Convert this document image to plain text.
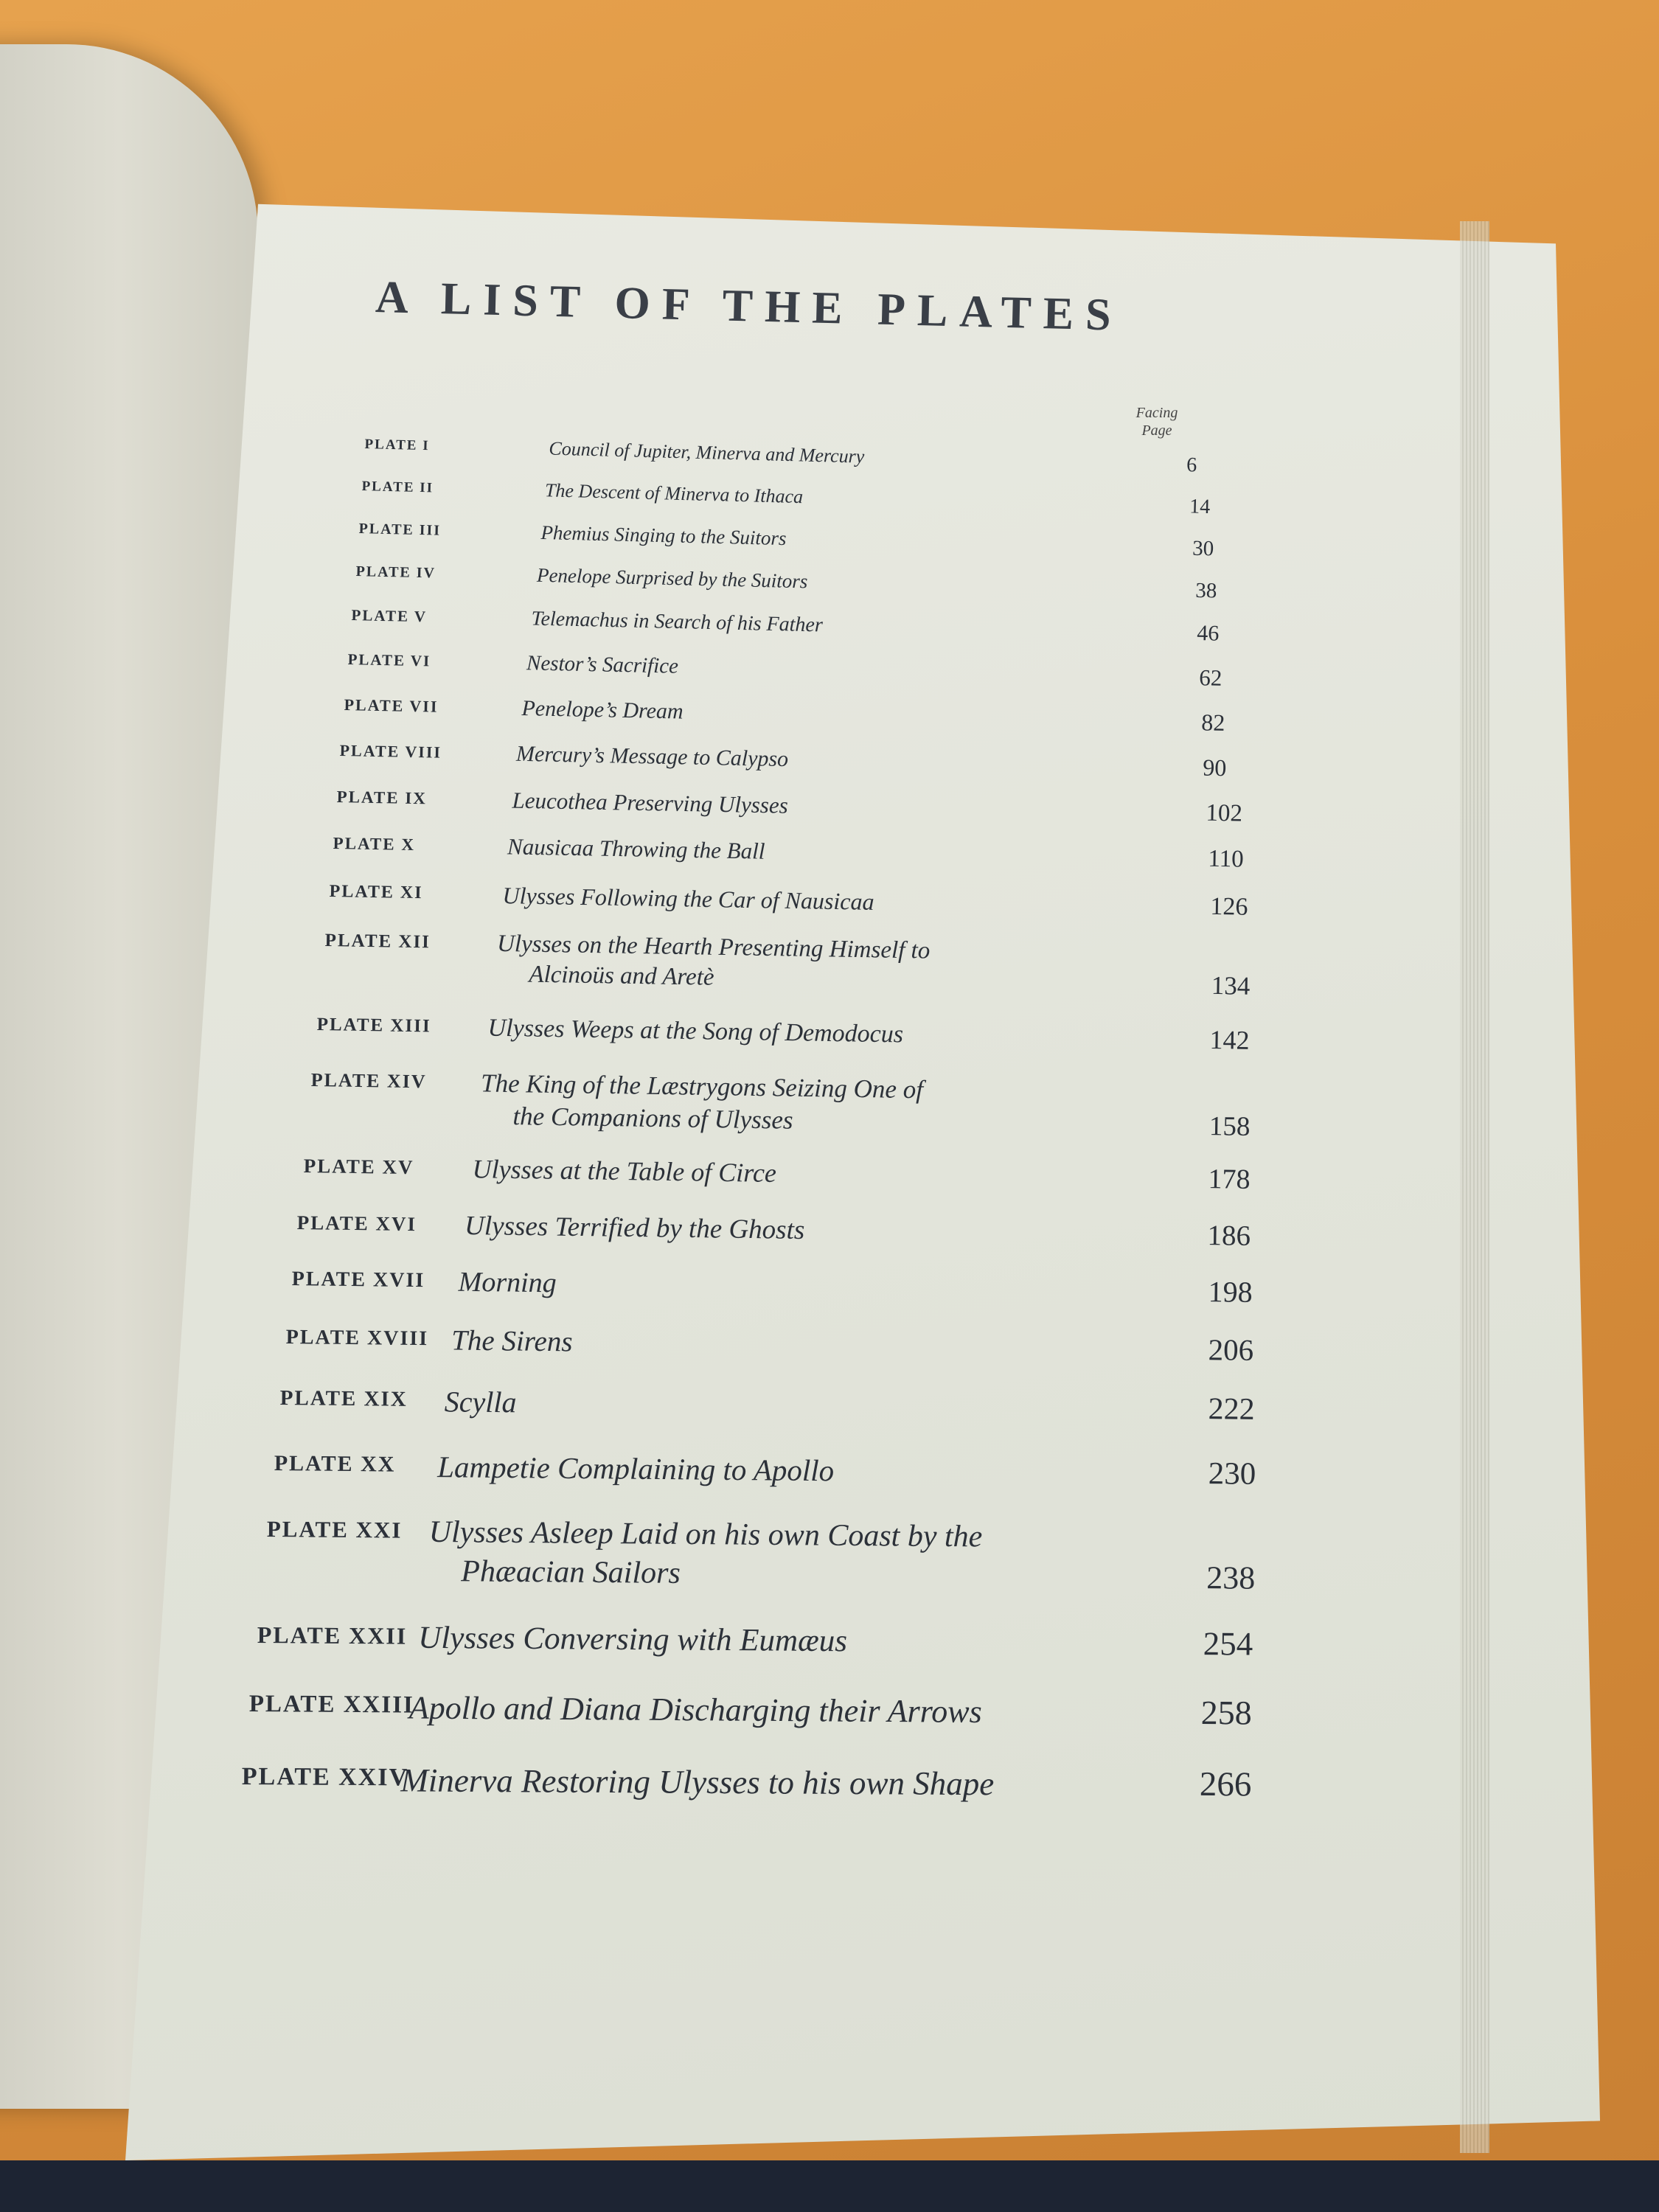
A LIST OF THE PLATES
Facing Page
PLATE I	Council of Jupiter, Minerva and Mercury	6
PLATE II	The Descent of Minerva to Ithaca	14
PLATE III	Phemius Singing to the Suitors	30
PLATE IV	Penelope Surprised by the Suitors	38
PLATE V	Telemachus in Search of his Father	46
PLATE VI	Nestor’s Sacrifice	62
PLATE VII	Penelope’s Dream	82
PLATE VIII	Mercury’s Message to Calypso	90
PLATE IX	Leucothea Preserving Ulysses	102
PLATE X	Nausicaa Throwing the Ball	110
PLATE XI	Ulysses Following the Car of Nausicaa	126
PLATE XII	Ulysses on the Hearth Presenting Himself to
Alcinoüs and Aretè	134
PLATE XIII Ulysses Weeps at the Song of Demodocus	142
PLATE XIV The King of the Læstrygons Seizing One of
the Companions of Ulysses	158
PLATE XV Ulysses at the Table of Circe	178
PLATE XVI Ulysses Terrified by the Ghosts	186
PLATE XVII Morning	198
PLATE XVIII The Sirens	206
PLATE XIX Scylla	222
PLATE XX Lampetie Complaining to Apollo	230
PLATE XXI Ulysses Asleep Laid on his own Coast by the
Phæacian Sailors	238
PLATE XXII Ulysses Conversing with Eumæus	254
PLATE XXIII
Apollo and Diana Discharging their Arrows	258
PLATE XXIV
Minerva Restoring Ulysses to his own Shape	266
